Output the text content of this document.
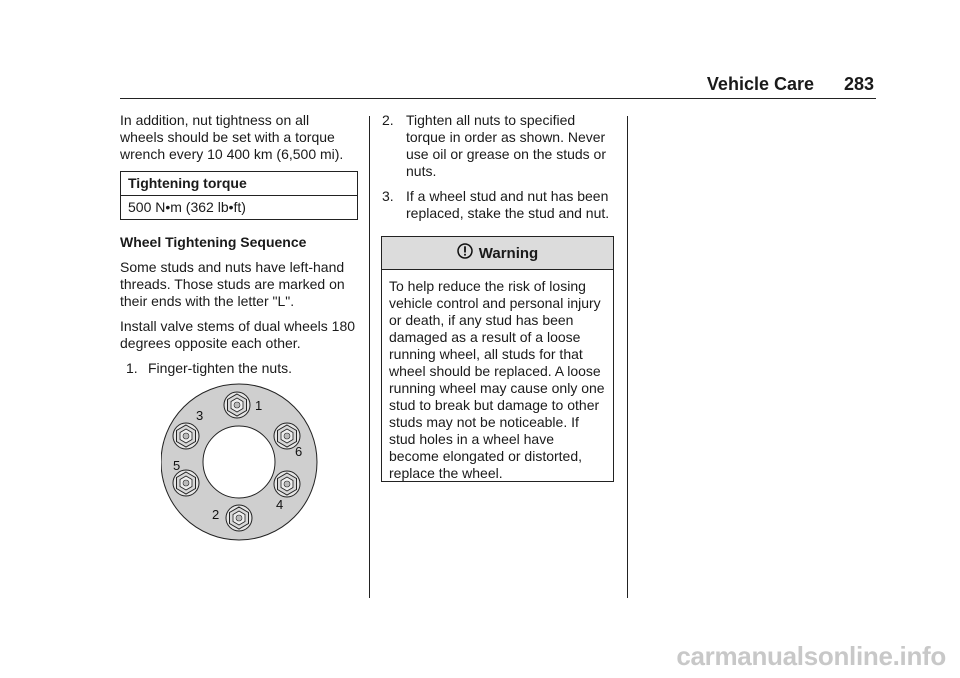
Vehicle Care 283

In addition, nut tightness on all wheels should be set with a torque wrench every 10 400 km (6,500 mi).

Tightening torque
500 N•m (362 lb•ft)

Wheel Tightening Sequence

Some studs and nuts have left-hand threads. Those studs are marked on their ends with the letter "L".

Install valve stems of dual wheels 180 degrees opposite each other.

1. Finger-tighten the nuts.
1
2
3
4
5
6
2. Tighten all nuts to specified torque in order as shown. Never use oil or grease on the studs or nuts.
3. If a wheel stud and nut has been replaced, stake the stud and nut.
Warning
To help reduce the risk of losing vehicle control and personal injury or death, if any stud has been damaged as a result of a loose running wheel, all studs for that wheel should be replaced. A loose running wheel may cause only one stud to break but damage to other studs may not be noticeable. If stud holes in a wheel have become elongated or distorted, replace the wheel.
carmanualsonline.info
